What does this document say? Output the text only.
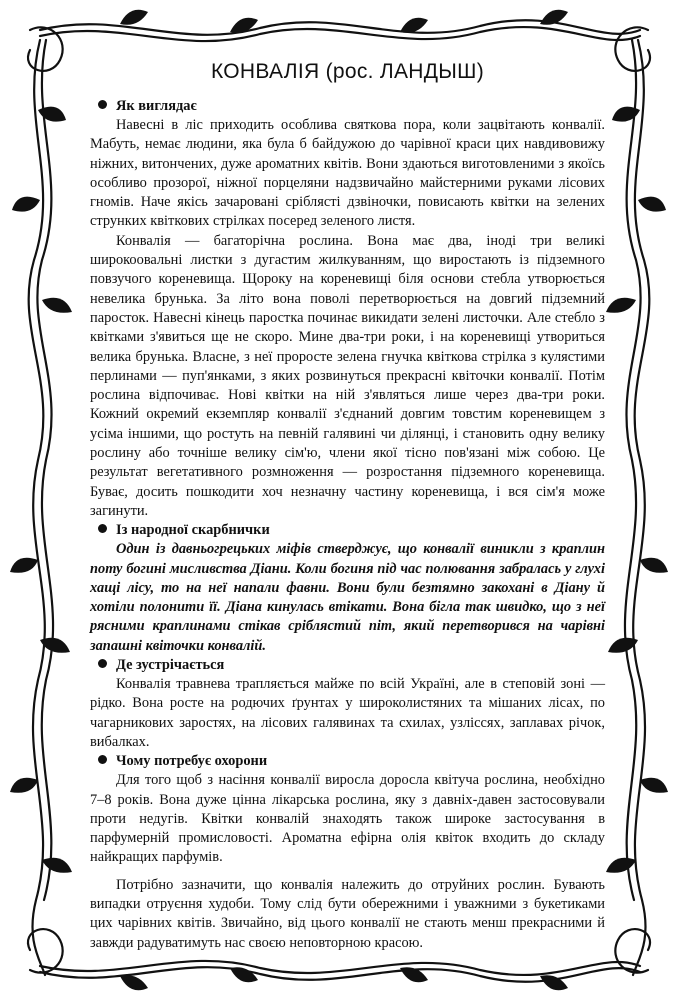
КОНВАЛІЯ (рос. ЛАНДЫШ)
Як виглядає

Навесні в ліс приходить особлива святкова пора, коли зацвітають конвалії. Мабуть, немає людини, яка була б байдужою до чарівної краси цих навдивовижу ніжних, витончених, дуже ароматних квітів. Вони здаються виготовленими з якоїсь особливо прозорої, ніжної порцеляни надзвичайно майстерними руками лісових гномів. Наче якісь зачаровані сріблясті дзвіночки, повисають квітки на зелених струнких квіткових стрілках посеред зеленого листя.

Конвалія — багаторічна рослина. Вона має два, іноді три великі широкоовальні листки з дугастим жилкуванням, що виростають із підземного повзучого кореневища. Щороку на кореневищі біля основи стебла утворюється невелика брунька. За літо вона поволі перетворюється на довгий підземний паросток. Навесні кінець паростка починає викидати зелені листочки. Але стебло з квітками з'явиться ще не скоро. Мине два-три роки, і на кореневищі утвориться велика брунька. Власне, з неї проросте зелена гнучка квіткова стрілка з кулястими перлинами — пуп'янками, з яких розвинуться прекрасні квіточки конвалії. Потім рослина відпочиває. Нові квітки на ній з'являться лише через два-три роки. Кожний окремий екземпляр конвалії з'єднаний довгим товстим кореневищем з усіма іншими, що ростуть на певній галявині чи ділянці, і становить одну велику рослину або точніше велику сім'ю, члени якої тісно пов'язані між собою. Це результат вегетативного розмноження — розростання підземного кореневища. Буває, досить пошкодити хоч незначну частину кореневища, і вся сім'я може загинути.

Із народної скарбнички

Один із давньогрецьких міфів стверджує, що конвалії виникли з краплин поту богині мисливства Діани. Коли богиня під час полювання забралась у глухі хащі лісу, то на неї напали фавни. Вони були безтямно закохані в Діану й хотіли полонити її. Діана кинулась втікати. Вона бігла так швидко, що з неї рясними краплинами стікав сріблястий піт, який перетворився на чарівні запашні квіточки конвалій.

Де зустрічається

Конвалія травнева трапляється майже по всій Україні, але в степовій зоні — рідко. Вона росте на родючих ґрунтах у широколистяних та мішаних лісах, по чагарникових заростях, на лісових галявинах та схилах, узліссях, заплавах річок, вибалках.

Чому потребує охорони

Для того щоб з насіння конвалії виросла доросла квітуча рослина, необхідно 7–8 років. Вона дуже цінна лікарська рослина, яку з давніх-давен застосовували проти недугів. Квітки конвалій знаходять також широке застосування в парфумерній промисловості. Ароматна ефірна олія квіток входить до складу найкращих парфумів.

Потрібно зазначити, що конвалія належить до отруйних рослин. Бувають випадки отруєння худоби. Тому слід бути обережними і уважними з букетиками цих чарівних квітів. Звичайно, від цього конвалії не стають менш прекрасними й завжди радуватимуть нас своєю неповторною красою.
